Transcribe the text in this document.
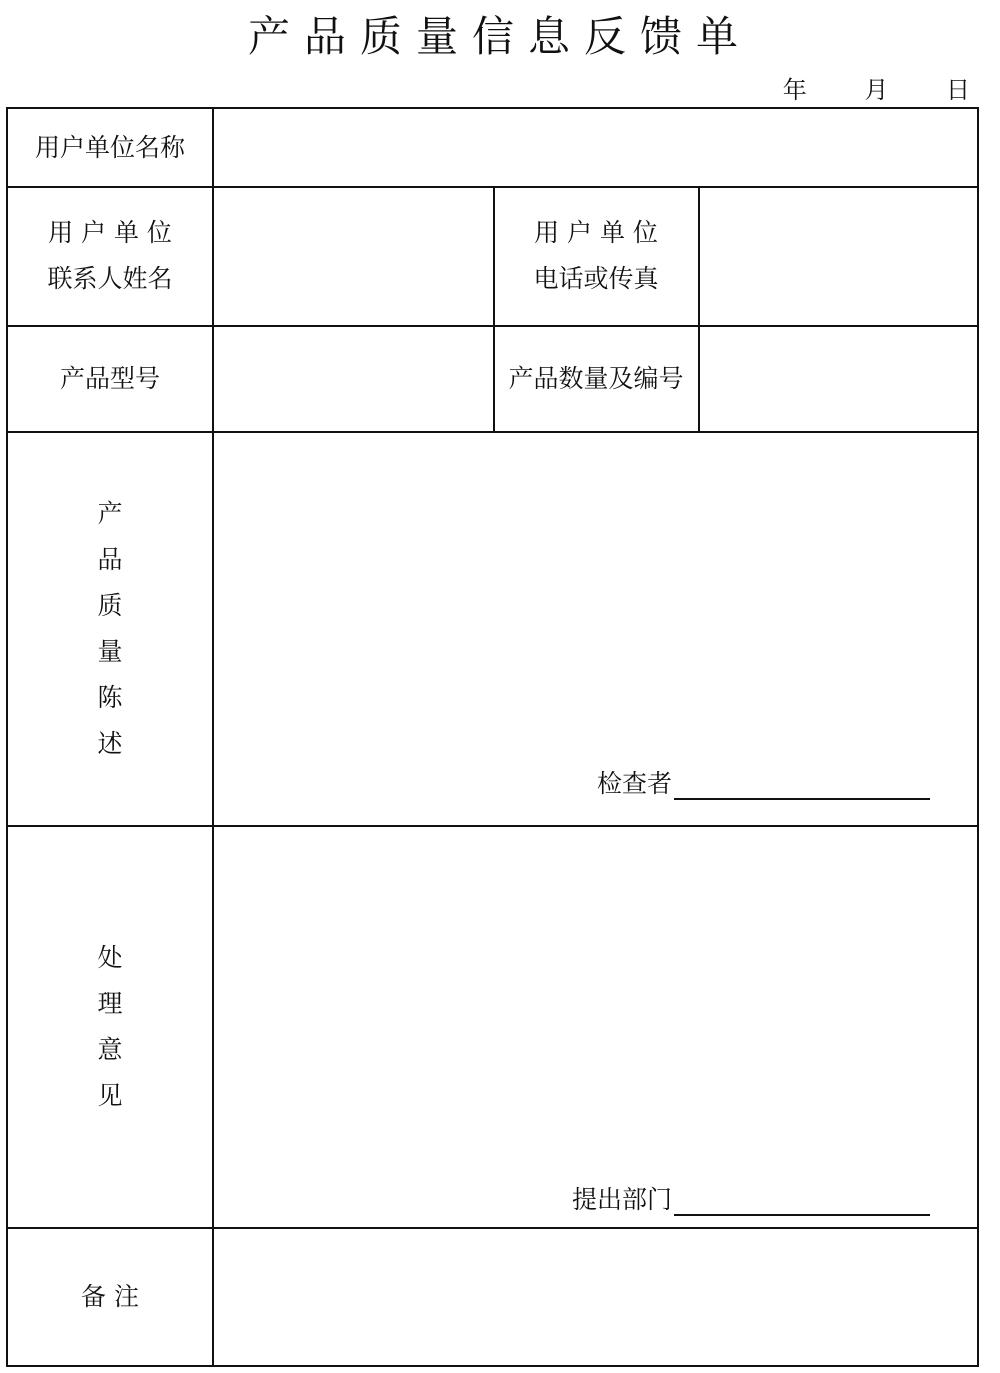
产品质量信息反馈单
年 月 日
用户单位名称
用 户 单 位
联系人姓名
用 户 单 位
电话或传真
产品型号	产品数量及编号
产
品
质
量
陈
述
检查者
处
理
意
见
提出部门
备 注
